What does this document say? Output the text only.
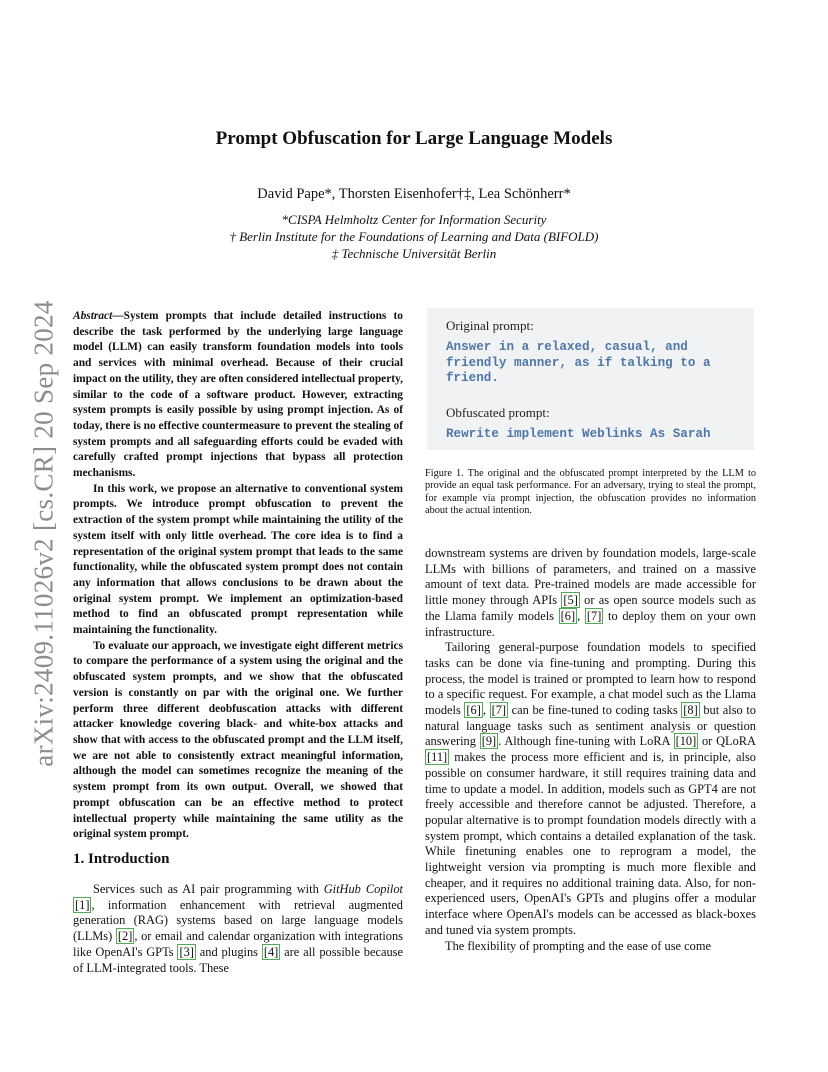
arXiv:2409.11026v2 [cs.CR] 20 Sep 2024
Prompt Obfuscation for Large Language Models
David Pape*, Thorsten Eisenhofer†‡, Lea Schönherr*
*CISPA Helmholtz Center for Information Security
† Berlin Institute for the Foundations of Learning and Data (BIFOLD)
‡ Technische Universität Berlin

Abstract—System prompts that include detailed instructions to describe the task performed by the underlying large language model (LLM) can easily transform foundation models into tools and services with minimal overhead. Because of their crucial impact on the utility, they are often considered intellectual property, similar to the code of a software product. However, extracting system prompts is easily possible by using prompt injection. As of today, there is no effective countermeasure to prevent the stealing of system prompts and all safeguarding efforts could be evaded with carefully crafted prompt injections that bypass all protection mechanisms.

In this work, we propose an alternative to conventional system prompts. We introduce prompt obfuscation to prevent the extraction of the system prompt while maintaining the utility of the system itself with only little overhead. The core idea is to find a representation of the original system prompt that leads to the same functionality, while the obfuscated system prompt does not contain any information that allows conclusions to be drawn about the original system prompt. We implement an optimization-based method to find an obfuscated prompt representation while maintaining the functionality.

To evaluate our approach, we investigate eight different metrics to compare the performance of a system using the original and the obfuscated system prompts, and we show that the obfuscated version is constantly on par with the original one. We further perform three different deobfuscation attacks with different attacker knowledge covering black- and white-box attacks and show that with access to the obfuscated prompt and the LLM itself, we are not able to consistently extract meaningful information, although the model can sometimes recognize the meaning of the system prompt from its own output. Overall, we showed that prompt obfuscation can be an effective method to protect intellectual property while maintaining the same utility as the original system prompt.

1. Introduction

Services such as AI pair programming with GitHub Copilot [1] , information enhancement with retrieval augmented generation (RAG) systems based on large language models (LLMs) [2] , or email and calendar organization with integrations like OpenAI's GPTs [3] and plugins [4] are all possible because of LLM-integrated tools. These

Original prompt:
Answer in a relaxed, casual, and friendly manner, as if talking to a friend.
Obfuscated prompt:
Rewrite implement Weblinks As Sarah
Figure 1. The original and the obfuscated prompt interpreted by the LLM to provide an equal task performance. For an adversary, trying to steal the prompt, for example via prompt injection, the obfuscation provides no information about the actual intention.

downstream systems are driven by foundation models, large-scale LLMs with billions of parameters, and trained on a massive amount of text data. Pre-trained models are made accessible for little money through APIs [5] or as open source models such as the Llama family models [6] , [7] to deploy them on your own infrastructure.

Tailoring general-purpose foundation models to specified tasks can be done via fine-tuning and prompting. During this process, the model is trained or prompted to learn how to respond to a specific request. For example, a chat model such as the Llama models [6] , [7] can be fine-tuned to coding tasks [8] but also to natural language tasks such as sentiment analysis or question answering [9] . Although fine-tuning with LoRA [10] or QLoRA [11] makes the process more efficient and is, in principle, also possible on consumer hardware, it still requires training data and time to update a model. In addition, models such as GPT4 are not freely accessible and therefore cannot be adjusted. Therefore, a popular alternative is to prompt foundation models directly with a system prompt, which contains a detailed explanation of the task. While finetuning enables one to reprogram a model, the lightweight version via prompting is much more flexible and cheaper, and it requires no additional training data. Also, for non-experienced users, OpenAI's GPTs and plugins offer a modular interface where OpenAI's models can be accessed as black-boxes and tuned via system prompts.

The flexibility of prompting and the ease of use come
